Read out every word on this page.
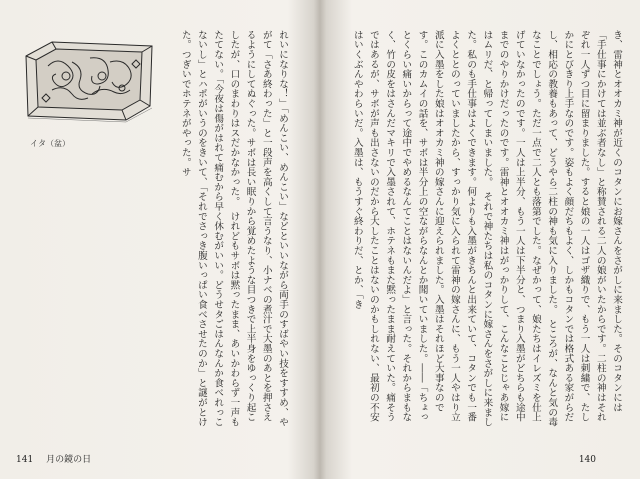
イタ（盆）	れいになりな！」「めんこい、めんこい」などといいながら両手のすばやい技をすすめ、やがて「さあ終わった」と一段声を高くして言うなり、小ナベの煮汁で大墨のあとを押さえるようにしてぬぐった。サボは長い眠りから覚めたような目つきで上半身をゆっくり起こしたが、口のまわりはスだかなかった。　けれどもサボは黙ったまま、あいかわらず一声もたてない。「今夜は傷がはれて痛むから早く休むがいい。どうせタごはんなんか食べれっこないし」とハポがいうのをきいて、「それでさっき腹いっぱい食べさせたのか」と謎がとけた。つぎいでホテネがやった。サ
141 月の鏡の日
き、雷神とオオカミ神が近くのコタンにお嫁さんをさがしに来ました。そのコタンには「手仕事にかけては並ぶ者なし」と称賛される二人の娘がいたからです。二柱の神はそれぞれ一人ずつ目に留まりました。すると娘の一人はゴザ織りで、もう一人は刺繍で、たしかにとびきり上手なのです。姿もよく顔だちもよく、しかもコタンでは格式ある家がらだし、相応の教養もあって、どうやら二柱の神も気に入りました。　ところが、なんと気の毒なことでしょう。ただ一点で二人とも落第でした。なぜかって、娘たちはイレズミを仕上げていなかったのです。一人は上半分、もう一人は下半分と、つまり入墨がどちらも途中までのやりかけだったのです。雷神とオオカミ神はがっかりして、こんなことじゃあ嫁にはムリだ、と帰ってしまいました。　それで神たちは私のコタンに嫁さんをさがしに来ました。私のも手仕事はよくできます。何よりも入墨がきちんと出来ていて、コタンでも一番よくととのっていましたから、すっかり気に入られて雷神の嫁さんに、もう一人やはり立派に入墨をした娘はオオカミ神の嫁さんに迎えられました。入墨はそれほど大事なのです。このカムイの話を、サボは半分上の空ながらなんとか聞いていました。――「ちょっとくらい痛いからって途中でやめるなんてことはないんだよ」と言った。それからまもなく、竹の皮をはさんだマキリで入墨されて、ホテネもまた黙ったまま耐えていた。痛そうではあるが、サボが声も出さないのだから大したことはないのかもしれない、最初の不安はいくぶんやわらいだ。入墨は、もうすぐ終わりだ、とか、「き
140
